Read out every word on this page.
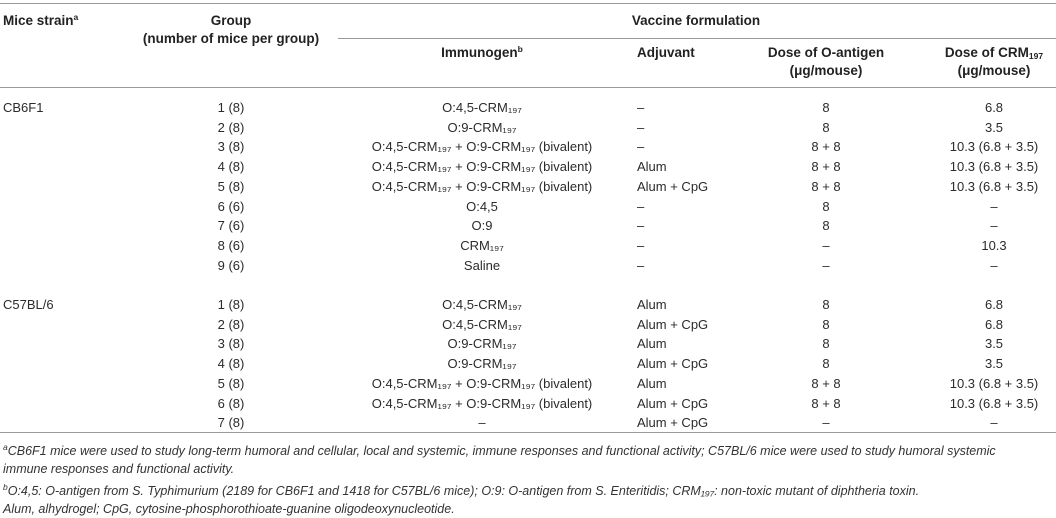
Mice strain$^a$	Group
(number of mice per group)
Vaccine formulation
Immunogen$^b$	Adjuvant	Dose of O-antigen
(μg/mouse)
Dose of $CRM_{197}$
(μg/mouse)
CB6F1	1 (8)	O:4,5-CRM₁₉₇	–	8	6.8
2 (8)	O:9-CRM₁₉₇	–	8	3.5
3 (8)	O:4,5-CRM₁₉₇ + O:9-CRM₁₉₇ (bivalent)	–	8 + 8	10.3 (6.8 + 3.5)
4 (8)	O:4,5-CRM₁₉₇ + O:9-CRM₁₉₇ (bivalent)	Alum	8 + 8	10.3 (6.8 + 3.5)
5 (8)	O:4,5-CRM₁₉₇ + O:9-CRM₁₉₇ (bivalent)	Alum + CpG	8 + 8	10.3 (6.8 + 3.5)
6 (6)	O:4,5	–	8	–
7 (6)	O:9	–	8	–
8 (6)	CRM₁₉₇	–	–	10.3
9 (6)	Saline	–	–	–
C57BL/6	1 (8)	O:4,5-CRM₁₉₇	Alum	8	6.8
2 (8)	O:4,5-CRM₁₉₇	Alum + CpG	8	6.8
3 (8)	O:9-CRM₁₉₇	Alum	8	3.5
4 (8)	O:9-CRM₁₉₇	Alum + CpG	8	3.5
5 (8)	O:4,5-CRM₁₉₇ + O:9-CRM₁₉₇ (bivalent)	Alum	8 + 8	10.3 (6.8 + 3.5)
6 (8)	O:4,5-CRM₁₉₇ + O:9-CRM₁₉₇ (bivalent)	Alum + CpG	8 + 8	10.3 (6.8 + 3.5)
7 (8)	–	Alum + CpG	–	–
$^a$CB6F1 mice were used to study long-term humoral and cellular, local and systemic, immune responses and functional activity; C57BL/6 mice were used to study humoral systemic
immune responses and functional activity.
$^b$O:4,5: O-antigen from S. Typhimurium (2189 for CB6F1 and 1418 for C57BL/6 mice); O:9: O-antigen from S. Enteritidis; CRM₁₉₇: non-toxic mutant of diphtheria toxin.
Alum, alhydrogel; CpG, cytosine-phosphorothioate-guanine oligodeoxynucleotide.
